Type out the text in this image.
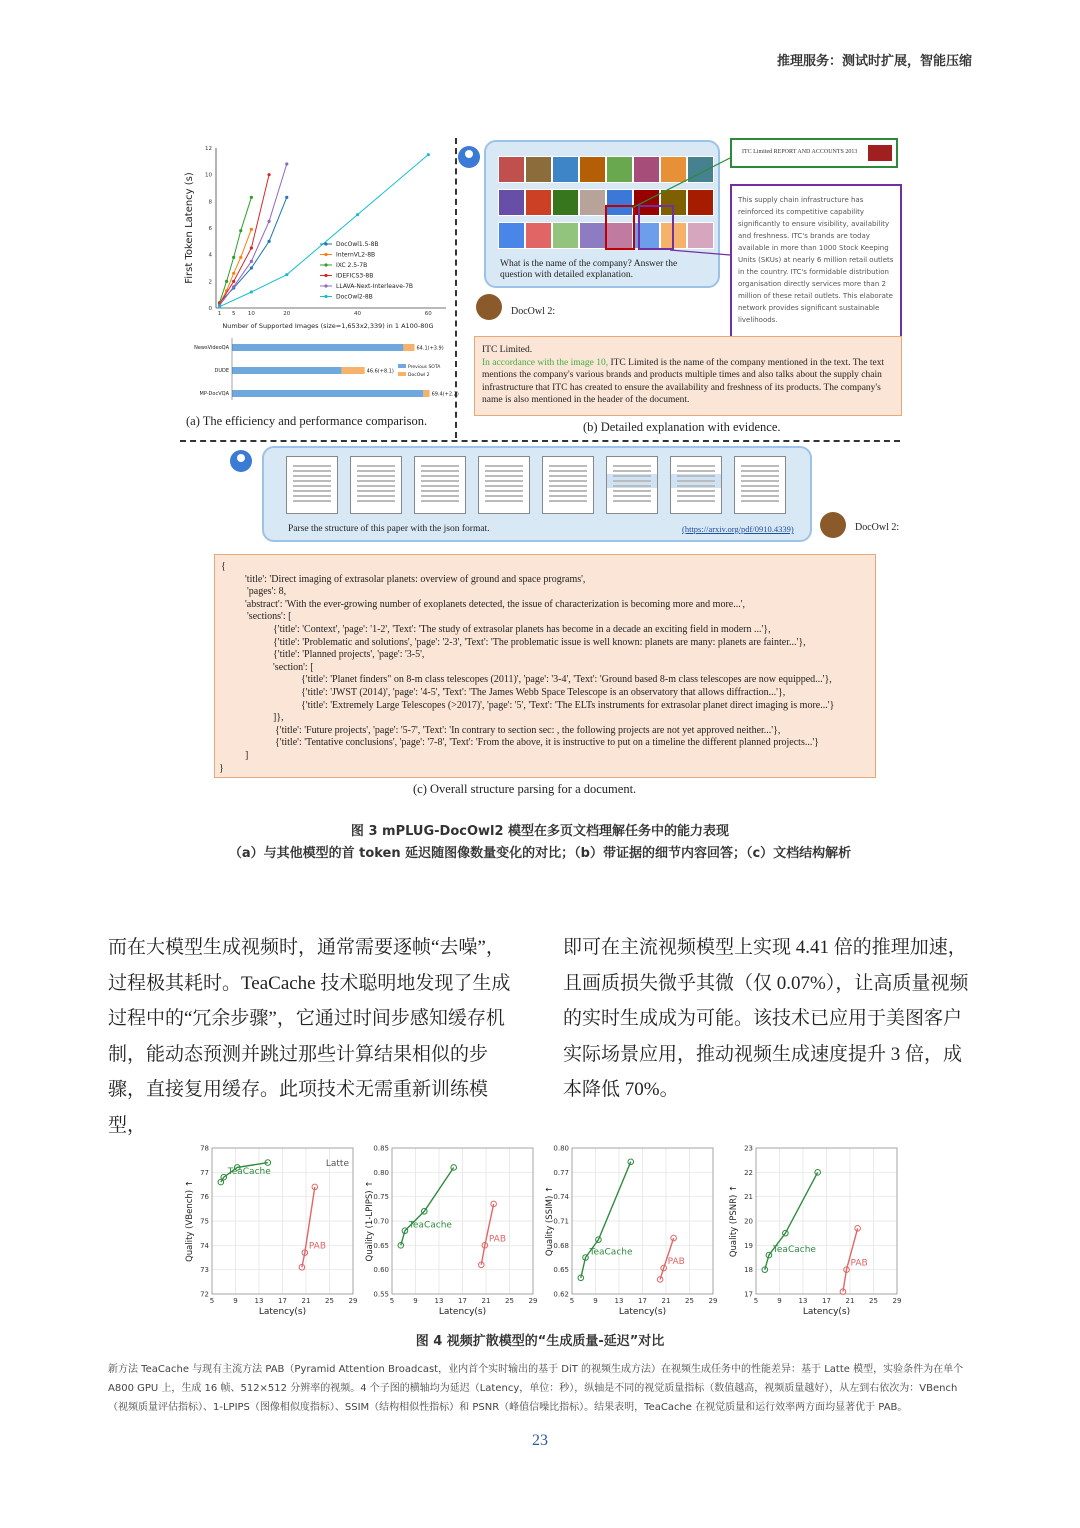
推理服务：测试时扩展，智能压缩
0
2
4
6
8
10
12
1 5 10	20	40	60
DocOwl1.5-8B
InternVL2-8B
IXC 2.5-7B
IDEFICS3-8B
LLAVA-Next-Interleave-7B
DocOwl2-8B
First Token Latency (s)
Number of Supported Images (size=1,653x2,339) in 1 A100-80G
NewsVideoQA	64.1(+3.9)
DUDE	46.6(+8.1)
MP-DocVQA	69.4(+2.2)
Previous SOTA
DocOwl 2
(a) The efficiency and performance comparison.
What is the name of the company? Answer the question with detailed explanation.
ITC Limited REPORT AND ACCOUNTS 2013
This supply chain infrastructure has reinforced its competitive capability significantly to ensure visibility, availability and freshness. ITC's brands are today available in more than 1000 Stock Keeping Units (SKUs) at nearly 6 million retail outlets in the country. ITC's formidable distribution organisation directly services more than 2 million of these retail outlets. This elaborate network provides significant sustainable livelihoods.
DocOwl 2:
ITC Limited.
In accordance with the image 10, ITC Limited is the name of the company mentioned in the text. The text mentions the company's various brands and products multiple times and also talks about the supply chain infrastructure that ITC has created to ensure the availability and freshness of its products. The company's name is also mentioned in the header of the document.
(b) Detailed explanation with evidence.
Parse the structure of this paper with the json format.	(https://arxiv.org/pdf/0910.4339)	DocOwl 2:
{
'title': 'Direct imaging of extrasolar planets: overview of ground and space programs',
'pages': 8,
'abstract': 'With the ever-growing number of exoplanets detected, the issue of characterization is becoming more and more...',
'sections': [
{'title': 'Context', 'page': '1-2', 'Text': 'The study of extrasolar planets has become in a decade an exciting field in modern ...'},
{'title': 'Problematic and solutions', 'page': '2-3', 'Text': 'The problematic issue is well known: planets are many: planets are fainter...'},
{'title': 'Planned projects', 'page': '3-5',
'section': [
{'title': 'Planet finders" on 8-m class telescopes (2011)', 'page': '3-4', 'Text': 'Ground based 8-m class telescopes are now equipped...'},
{'title': 'JWST (2014)', 'page': '4-5', 'Text': 'The James Webb Space Telescope is an observatory that allows diffraction...'},
{'title': 'Extremely Large Telescopes (>2017)', 'page': '5', 'Text': 'The ELTs instruments for extrasolar planet direct imaging is more...'}
]},
{'title': 'Future projects', 'page': '5-7', 'Text': 'In contrary to section sec: , the following projects are not yet approved neither...'},
{'title': 'Tentative conclusions', 'page': '7-8', 'Text': 'From the above, it is instructive to put on a timeline the different planned projects...'}
]
}
(c) Overall structure parsing for a document.
图 3 mPLUG-DocOwl2 模型在多页文档理解任务中的能力表现
（a）与其他模型的首 token 延迟随图像数量变化的对比；（b）带证据的细节内容回答；（c）文档结构解析
而在大模型生成视频时，通常需要逐帧“去噪”，过程极其耗时。TeaCache 技术聪明地发现了生成过程中的“冗余步骤”，它通过时间步感知缓存机制，能动态预测并跳过那些计算结果相似的步骤，直接复用缓存。此项技术无需重新训练模型，
即可在主流视频模型上实现 4.41 倍的推理加速，且画质损失微乎其微（仅 0.07%），让高质量视频的实时生成成为可能。该技术已应用于美图客户实际场景应用，推动视频生成速度提升 3 倍，成本降低 70%。
5	9 13 17 21 25 29
72
73
74
75
76
77
78
Latency(s)
Quality (VBench) ↑
TeaCache
PAB
Latte
5	9 13 17 21 25 29
0.55
0.60
0.65
0.70
0.75
0.80
0.85
Latency(s)
Quality (1-LPIPS) ↑	TeaCache
PAB
5	9 13 17 21 25 29
0.62
0.65
0.68
0.71
0.74
0.77
0.80
Latency(s)
Quality (SSIM) ↑	TeaCache
PAB
5	9 13 17 21 25 29
17
18
19
20
21
22
23
Latency(s)
Quality (PSNR) ↑	TeaCache
PAB
图 4 视频扩散模型的“生成质量-延迟”对比
新方法 TeaCache 与现有主流方法 PAB（Pyramid Attention Broadcast，业内首个实时输出的基于 DiT 的视频生成方法）在视频生成任务中的性能差异：基于 Latte 模型，实验条件为在单个 A800 GPU 上，生成 16 帧、512×512 分辨率的视频。4 个子图的横轴均为延迟（Latency，单位：秒），纵轴是不同的视觉质量指标（数值越高，视频质量越好），从左到右依次为：VBench（视频质量评估指标）、1-LPIPS（图像相似度指标）、SSIM（结构相似性指标）和 PSNR（峰值信噪比指标）。结果表明，TeaCache 在视觉质量和运行效率两方面均显著优于 PAB。
23
